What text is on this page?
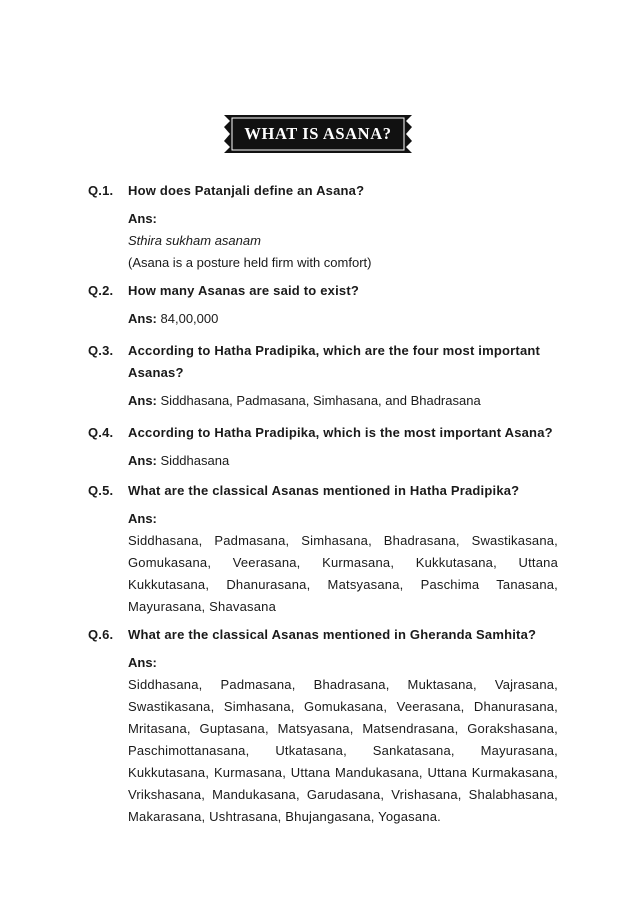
WHAT IS ASANA?
Q.1.	How does Patanjali define an Asana?
Ans:
Sthira sukham asanam
(Asana is a posture held firm with comfort)
Q.2.	How many Asanas are said to exist?
Ans: 84,00,000
Q.3.	According to Hatha Pradipika, which are the four most important Asanas?
Ans: Siddhasana, Padmasana, Simhasana, and Bhadrasana
Q.4.	According to Hatha Pradipika, which is the most important Asana?
Ans: Siddhasana
Q.5.	What are the classical Asanas mentioned in Hatha Pradipika?
Ans:
Siddhasana, Padmasana, Simhasana, Bhadrasana, Swastikasana, Gomukasana, Veerasana, Kurmasana, Kukkutasana, Uttana Kukkutasana, Dhanurasana, Matsyasana, Paschima Tanasana, Mayurasana, Shavasana
Q.6.	What are the classical Asanas mentioned in Gheranda Samhita?
Ans:
Siddhasana, Padmasana, Bhadrasana, Muktasana, Vajrasana, Swastikasana, Simhasana, Gomukasana, Veerasana, Dhanurasana, Mritasana, Guptasana, Matsyasana, Matsendrasana, Gorakshasana, Paschimottanasana, Utkatasana, Sankatasana, Mayurasana, Kukkutasana, Kurmasana, Uttana Mandukasana, Uttana Kurmakasana, Vrikshasana, Mandukasana, Garudasana, Vrishasana, Shalabhasana, Makarasana, Ushtrasana, Bhujangasana, Yogasana.
